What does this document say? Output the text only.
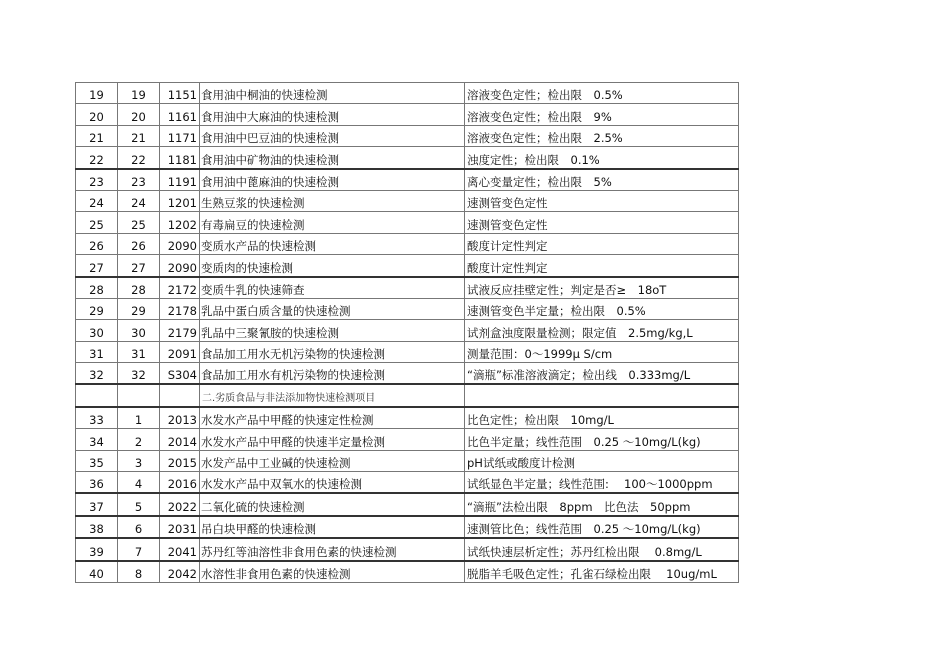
19	19	1151	食用油中桐油的快速检测	溶液变色定性；检出限　0.5%
20	20	1161	食用油中大麻油的快速检测	溶液变色定性；检出限　9%
21	21	1171	食用油中巴豆油的快速检测	溶液变色定性；检出限　2.5%
22	22	1181	食用油中矿物油的快速检测	浊度定性；检出限　0.1%
23	23	1191	食用油中蓖麻油的快速检测	离心变量定性；检出限　5%
24	24	1201	生熟豆浆的快速检测	速测管变色定性
25	25	1202	有毒扁豆的快速检测	速测管变色定性
26	26	2090	变质水产品的快速检测	酸度计定性判定
27	27	2090	变质肉的快速检测	酸度计定性判定
28	28	2172	变质牛乳的快速筛查	试液反应挂壁定性；判定是否≥　18oT
29	29	2178	乳品中蛋白质含量的快速检测	速测管变色半定量；检出限　0.5%
30	30	2179	乳品中三聚氰胺的快速检测	试剂盒浊度限量检测；限定值　2.5mg/kg,L
31	31	2091	食品加工用水无机污染物的快速检测	测量范围：0～1999μ S/cm
32	32	S304	食品加工用水有机污染物的快速检测	“滴瓶”标准溶液滴定；检出线　0.333mg/L
			二.劣质食品与非法添加物快速检测项目	
33	1	2013	水发水产品中甲醛的快速定性检测	比色定性；检出限　10mg/L
34	2	2014	水发水产品中甲醛的快速半定量检测	比色半定量；线性范围　0.25 ～10mg/L(kg)
35	3	2015	水发产品中工业碱的快速检测	pH试纸或酸度计检测
36	4	2016	水发水产品中双氧水的快速检测	试纸显色半定量；线性范围:　 100～1000ppm
37	5	2022	二氧化硫的快速检测	“滴瓶”法检出限　8ppm　比色法　50ppm
38	6	2031	吊白块甲醛的快速检测	速测管比色；线性范围　0.25 ～10mg/L(kg)
39	7	2041	苏丹红等油溶性非食用色素的快速检测	试纸快速层析定性；苏丹红检出限　 0.8mg/L
40	8	2042	水溶性非食用色素的快速检测	脱脂羊毛吸色定性；孔雀石绿检出限　 10ug/mL
